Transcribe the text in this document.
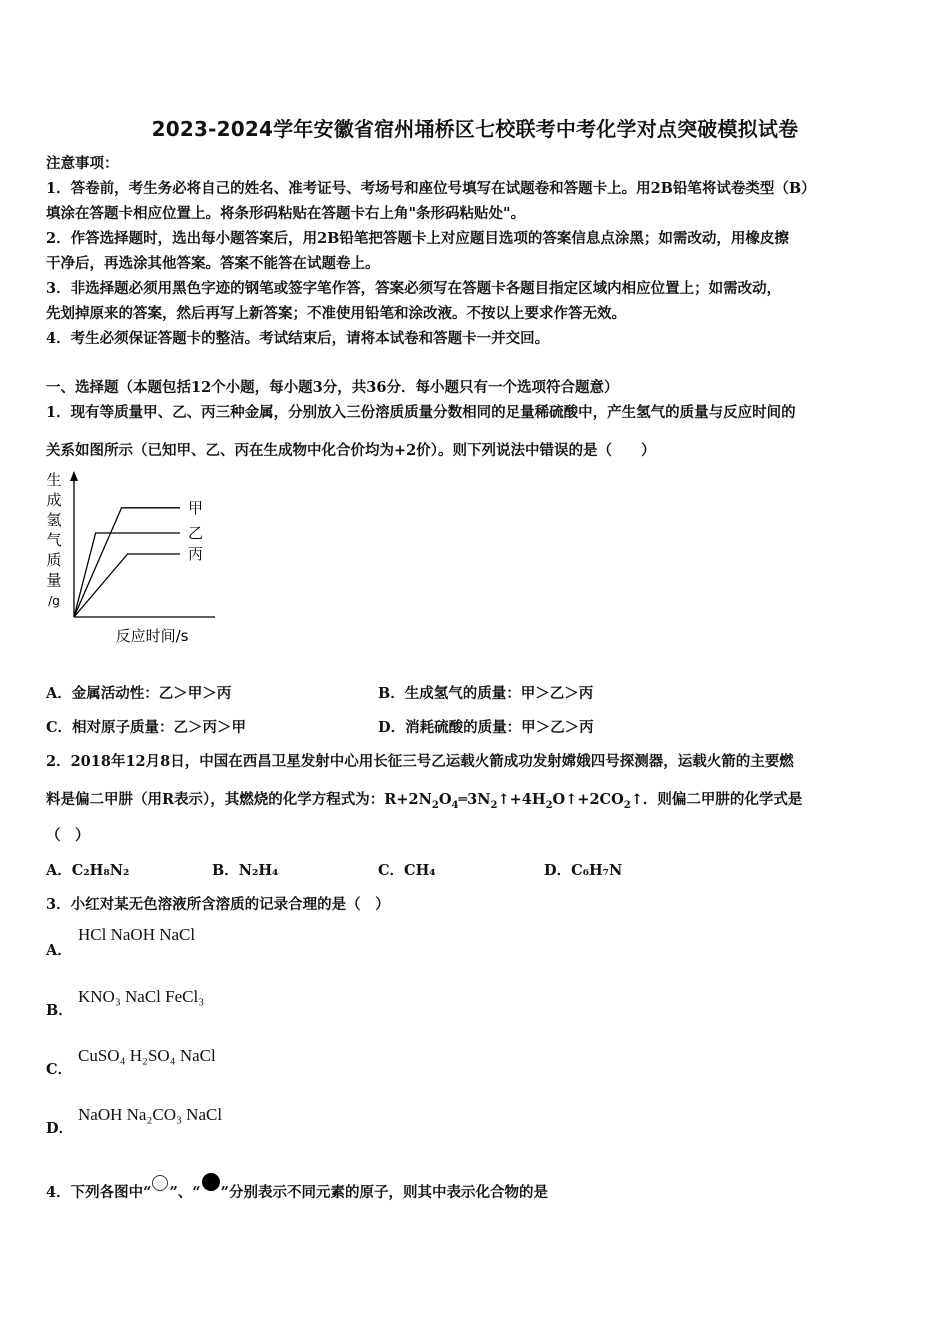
2023-2024学年安徽省宿州埇桥区七校联考中考化学对点突破模拟试卷
注意事项：
1．答卷前，考生务必将自己的姓名、准考证号、考场号和座位号填写在试题卷和答题卡上。用2B铅笔将试卷类型（B）
填涂在答题卡相应位置上。将条形码粘贴在答题卡右上角"条形码粘贴处"。
2．作答选择题时，选出每小题答案后，用2B铅笔把答题卡上对应题目选项的答案信息点涂黑；如需改动，用橡皮擦
干净后，再选涂其他答案。答案不能答在试题卷上。
3．非选择题必须用黑色字迹的钢笔或签字笔作答，答案必须写在答题卡各题目指定区域内相应位置上；如需改动，
先划掉原来的答案，然后再写上新答案；不准使用铅笔和涂改液。不按以上要求作答无效。
4．考生必须保证答题卡的整洁。考试结束后，请将本试卷和答题卡一并交回。
一、选择题（本题包括12个小题，每小题3分，共36分．每小题只有一个选项符合题意）
1．现有等质量甲、乙、丙三种金属，分别放入三份溶质质量分数相同的足量稀硫酸中，产生氢气的质量与反应时间的
关系如图所示（已知甲、乙、丙在生成物中化合价均为+2价）。则下列说法中错误的是（　　）
生
成
氢
气
质
量
/g
甲
乙
丙
反应时间/s
A．金属活动性：乙＞甲＞丙	B．生成氢气的质量：甲＞乙＞丙
C．相对原子质量：乙＞丙＞甲	D．消耗硫酸的质量：甲＞乙＞丙
2．2018年12月8日，中国在西昌卫星发射中心用长征三号乙运载火箭成功发射嫦娥四号探测器，运载火箭的主要燃
料是偏二甲肼（用R表示），其燃烧的化学方程式为：$R+2N_2O_4═3N_2↑+4H_2O↑+2CO_2↑$．则偏二甲肼的化学式是
（　）
A．C₂H₈N₂	B．N₂H₄	C．CH₄	D．C₆H₇N
3．小红对某无色溶液所含溶质的记录合理的是（　）
A．
HCl NaOH NaCl
B．
KNO₃ NaCl FeCl₃
C．
CuSO₄ H₂SO₄ NaCl
D．
NaOH Na₂CO₃ NaCl
4．下列各图中“ ”、“ ”分别表示不同元素的原子，则其中表示化合物的是
